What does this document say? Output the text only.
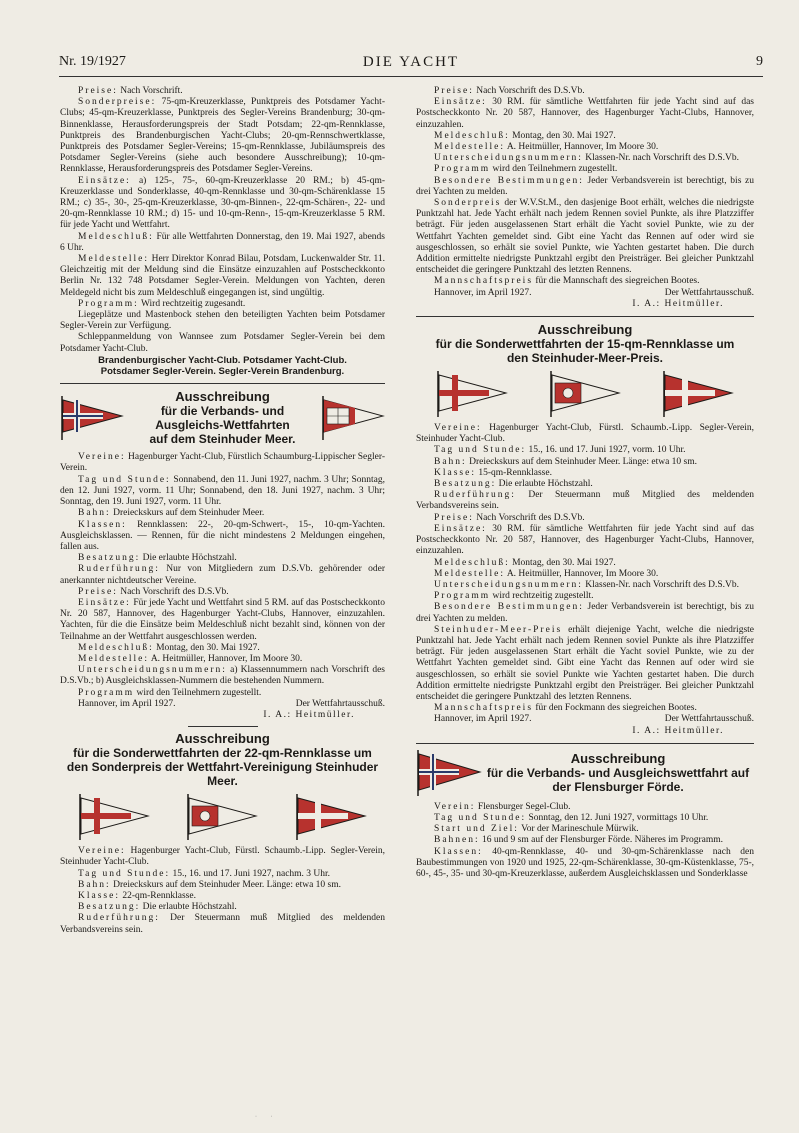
Nr. 19/1927	DIE YACHT	9

Preise: Nach Vorschrift.

Sonderpreise: 75-qm-Kreuzerklasse, Punktpreis des Potsdamer Yacht-Clubs; 45-qm-Kreuzerklasse, Punktpreis des Segler-Vereins Brandenburg; 30-qm-Binnenklasse, Herausforderungspreis der Stadt Potsdam; 22-qm-Rennklasse, Punktpreis des Brandenburgischen Yacht-Clubs; 20-qm-Rennschwertklasse, Punktpreis des Potsdamer Segler-Vereins; 15-qm-Rennklasse, Jubiläumspreis des Potsdamer Segler-Vereins (siehe auch besondere Ausschreibung); 10-qm-Rennklasse, Herausforderungspreis des Potsdamer Segler-Vereins.

Einsätze: a) 125-, 75-, 60-qm-Kreuzerklasse 20 RM.; b) 45-qm-Kreuzerklasse und Sonderklasse, 40-qm-Rennklasse und 30-qm-Schärenklasse 15 RM.; c) 35-, 30-, 25-qm-Kreuzerklasse, 30-qm-Binnen-, 22-qm-Schären-, 22- und 20-qm-Rennklasse 10 RM.; d) 15- und 10-qm-Renn-, 15-qm-Kreuzerklasse 5 RM. für jede Yacht und Wettfahrt.

Meldeschluß: Für alle Wettfahrten Donnerstag, den 19. Mai 1927, abends 6 Uhr.

Meldestelle: Herr Direktor Konrad Bilau, Potsdam, Luckenwalder Str. 11. Gleichzeitig mit der Meldung sind die Einsätze einzuzahlen auf Postscheckkonto Berlin Nr. 132 748 Potsdamer Segler-Verein. Meldungen von Yachten, deren Meldegeld nicht bis zum Meldeschluß eingegangen ist, sind ungültig.

Programm: Wird rechtzeitig zugesandt.

Liegeplätze und Mastenbock stehen den beteiligten Yachten beim Potsdamer Segler-Verein zur Verfügung.

Schleppanmeldung von Wannsee zum Potsdamer Segler-Verein bei dem Potsdamer Yacht-Club.

Brandenburgischer Yacht-Club. Potsdamer Yacht-Club.

Potsdamer Segler-Verein. Segler-Verein Brandenburg.

Ausschreibung
für die Verbands- und
Ausgleichs-Wettfahrten
auf dem Steinhuder Meer.

Vereine: Hagenburger Yacht-Club, Fürstlich Schaumburg-Lippischer Segler-Verein.

Tag und Stunde: Sonnabend, den 11. Juni 1927, nachm. 3 Uhr; Sonntag, den 12. Juni 1927, vorm. 11 Uhr; Sonnabend, den 18. Juni 1927, nachm. 3 Uhr; Sonntag, den 19. Juni 1927, vorm. 11 Uhr.

Bahn: Dreieckskurs auf dem Steinhuder Meer.

Klassen: Rennklassen: 22-, 20-qm-Schwert-, 15-, 10-qm-Yachten. Ausgleichsklassen. — Rennen, für die nicht mindestens 2 Meldungen eingehen, fallen aus.

Besatzung: Die erlaubte Höchstzahl.

Ruderführung: Nur von Mitgliedern zum D.S.Vb. gehörender oder anerkannter nichtdeutscher Vereine.

Preise: Nach Vorschrift des D.S.Vb.

Einsätze: Für jede Yacht und Wettfahrt sind 5 RM. auf das Postscheckkonto Nr. 20 587, Hannover, des Hagenburger Yacht-Clubs, Hannover, einzuzahlen. Yachten, für die die Einsätze beim Meldeschluß nicht bezahlt sind, können von der Teilnahme an der Wettfahrt ausgeschlossen werden.

Meldeschluß: Montag, den 30. Mai 1927.

Meldestelle: A. Heitmüller, Hannover, Im Moore 30.

Unterscheidungsnummern: a) Klassennummern nach Vorschrift des D.S.Vb.; b) Ausgleichsklassen-Nummern die bestehenden Nummern.

Programm wird den Teilnehmern zugestellt.

Hannover, im April 1927.	Der Wettfahrtausschuß.

I. A.: Heitmüller.

Ausschreibung
für die Sonderwettfahrten der 22-qm-Rennklasse um
den Sonderpreis der Wettfahrt-Vereinigung Steinhuder Meer.

Vereine: Hagenburger Yacht-Club, Fürstl. Schaumb.-Lipp. Segler-Verein, Steinhuder Yacht-Club.

Tag und Stunde: 15., 16. und 17. Juni 1927, nachm. 3 Uhr.

Bahn: Dreieckskurs auf dem Steinhuder Meer. Länge: etwa 10 sm.

Klasse: 22-qm-Rennklasse.

Besatzung: Die erlaubte Höchstzahl.

Ruderführung: Der Steuermann muß Mitglied des meldenden Verbandsvereins sein.

Preise: Nach Vorschrift des D.S.Vb.

Einsätze: 30 RM. für sämtliche Wettfahrten für jede Yacht sind auf das Postscheckkonto Nr. 20 587, Hannover, des Hagenburger Yacht-Clubs, Hannover, einzuzahlen.

Meldeschluß: Montag, den 30. Mai 1927.

Meldestelle: A. Heitmüller, Hannover, Im Moore 30.

Unterscheidungsnummern: Klassen-Nr. nach Vorschrift des D.S.Vb.

Programm wird den Teilnehmern zugestellt.

Besondere Bestimmungen: Jeder Verbandsverein ist berechtigt, bis zu drei Yachten zu melden.

Sonderpreis der W.V.St.M., den dasjenige Boot erhält, welches die niedrigste Punktzahl hat. Jede Yacht erhält nach jedem Rennen soviel Punkte, als ihre Platzziffer beträgt. Für jeden ausgelassenen Start erhält die Yacht soviel Punkte, wie zu der Wettfahrt Yachten gemeldet sind. Gibt eine Yacht das Rennen auf oder wird sie ausgeschlossen, so erhält sie soviel Punkte, wie Yachten gestartet haben. Die durch Addition ermittelte niedrigste Punktzahl ergibt den Preisträger. Bei gleicher Punktzahl entscheidet die geringere Punktzahl des letzten Rennens.

Mannschaftspreis für die Mannschaft des siegreichen Bootes.

Hannover, im April 1927.	Der Wettfahrtausschuß.

I. A.: Heitmüller.

Ausschreibung
für die Sonderwettfahrten der 15-qm-Rennklasse um
den Steinhuder-Meer-Preis.

Vereine: Hagenburger Yacht-Club, Fürstl. Schaumb.-Lipp. Segler-Verein, Steinhuder Yacht-Club.

Tag und Stunde: 15., 16. und 17. Juni 1927, vorm. 10 Uhr.

Bahn: Dreieckskurs auf dem Steinhuder Meer. Länge: etwa 10 sm.

Klasse: 15-qm-Rennklasse.

Besatzung: Die erlaubte Höchstzahl.

Ruderführung: Der Steuermann muß Mitglied des meldenden Verbandsvereins sein.

Preise: Nach Vorschrift des D.S.Vb.

Einsätze: 30 RM. für sämtliche Wettfahrten für jede Yacht sind auf das Postscheckkonto Nr. 20 587, Hannover, des Hagenburger Yacht-Clubs, Hannover, einzuzahlen.

Meldeschluß: Montag, den 30. Mai 1927.

Meldestelle: A. Heitmüller, Hannover, Im Moore 30.

Unterscheidungsnummern: Klassen-Nr. nach Vorschrift des D.S.Vb.

Programm wird rechtzeitig zugestellt.

Besondere Bestimmungen: Jeder Verbandsverein ist berechtigt, bis zu drei Yachten zu melden.

Steinhuder-Meer-Preis erhält diejenige Yacht, welche die niedrigste Punktzahl hat. Jede Yacht erhält nach jedem Rennen soviel Punkte als ihre Platzziffer beträgt. Für jeden ausgelassenen Start erhält die Yacht soviel Punkte, wie zu der Wettfahrt Yachten gemeldet sind. Gibt eine Yacht das Rennen auf oder wird sie ausgeschlossen, so erhält sie soviel Punkte wie Yachten gestartet haben. Die durch Addition ermittelte niedrigste Punktzahl ergibt den Preisträger. Bei gleicher Punktzahl entscheidet die geringere Punktzahl des letzten Rennens.

Mannschaftspreis für den Fockmann des siegreichen Bootes.

Hannover, im April 1927.	Der Wettfahrtausschuß.

I. A.: Heitmüller.

Ausschreibung
für die Verbands- und Ausgleichswettfahrt auf der Flensburger Förde.

Verein: Flensburger Segel-Club.

Tag und Stunde: Sonntag, den 12. Juni 1927, vormittags 10 Uhr.

Start und Ziel: Vor der Marineschule Mürwik.

Bahnen: 16 und 9 sm auf der Flensburger Förde. Näheres im Programm.

Klassen: 40-qm-Rennklasse, 40- und 30-qm-Schärenklasse nach den Baubestimmungen von 1920 und 1925, 22-qm-Schärenklasse, 30-qm-Küstenklasse, 75-, 60-, 45-, 35- und 30-qm-Kreuzerklasse, außerdem Ausgleichsklassen und Sonderklasse

· ·
